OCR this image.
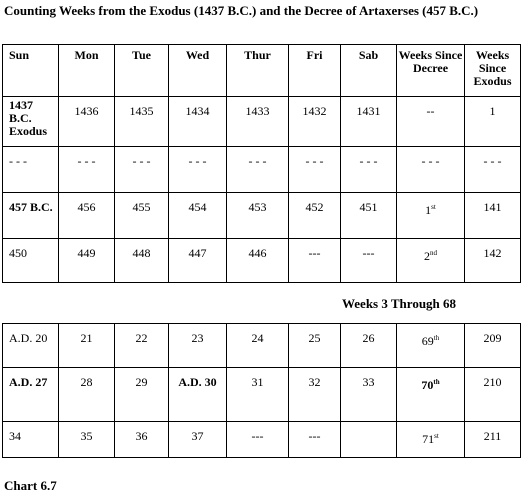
Counting Weeks from the Exodus (1437 B.C.) and the Decree of Artaxerses (457 B.C.)
Sun	Mon	Tue	Wed	Thur	Fri	Sab	Weeks Since Decree	Weeks Since Exodus
1437 B.C. Exodus	1436	1435	1434	1433	1432	1431	--	1
- - -	- - -	- - -	- - -	- - -	- - -	- - -	- - -	- - -
457 B.C.	456	455	454	453	452	451	1st	141
450	449	448	447	446	---	---	2nd	142
Weeks 3 Through 68
A.D. 20	21	22	23	24	25	26	69th	209
A.D. 27	28	29	A.D. 30	31	32	33	70th	210
34	35	36	37	---	---		71st	211
Chart 6.7
